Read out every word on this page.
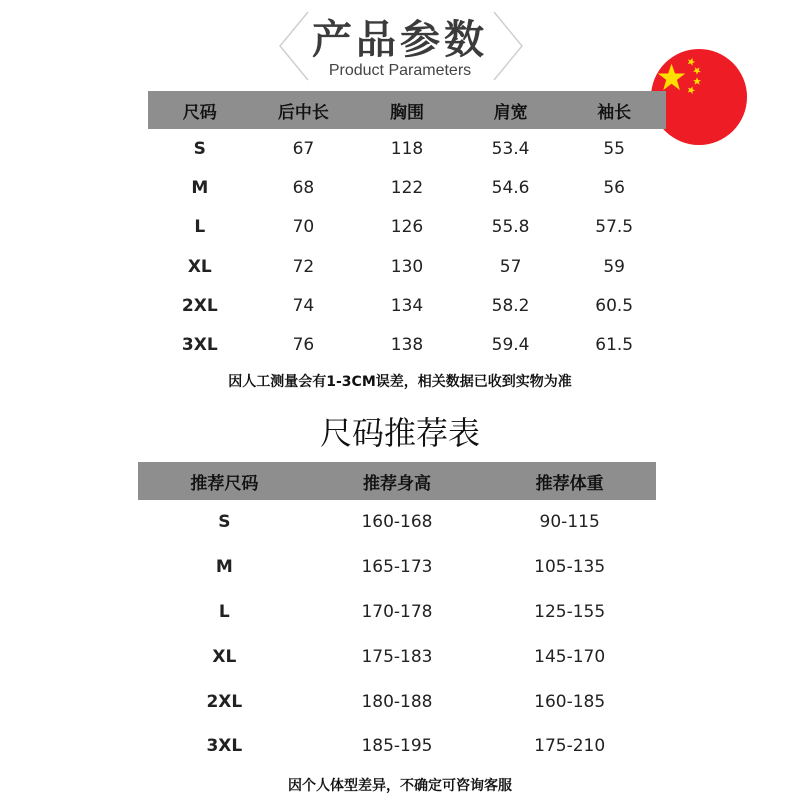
产品参数
Product Parameters
尺码	后中长	胸围	肩宽	袖长
S	67	118	53.4	55
M	68	122	54.6	56
L	70	126	55.8	57.5
XL	72	130	57	59
2XL	74	134	58.2	60.5
3XL	76	138	59.4	61.5
因人工测量会有1-3CM误差，相关数据已收到实物为准
尺码推荐表
推荐尺码	推荐身高	推荐体重
S	160-168	90-115
M	165-173	105-135
L	170-178	125-155
XL	175-183	145-170
2XL	180-188	160-185
3XL	185-195	175-210
因个人体型差异，不确定可咨询客服
